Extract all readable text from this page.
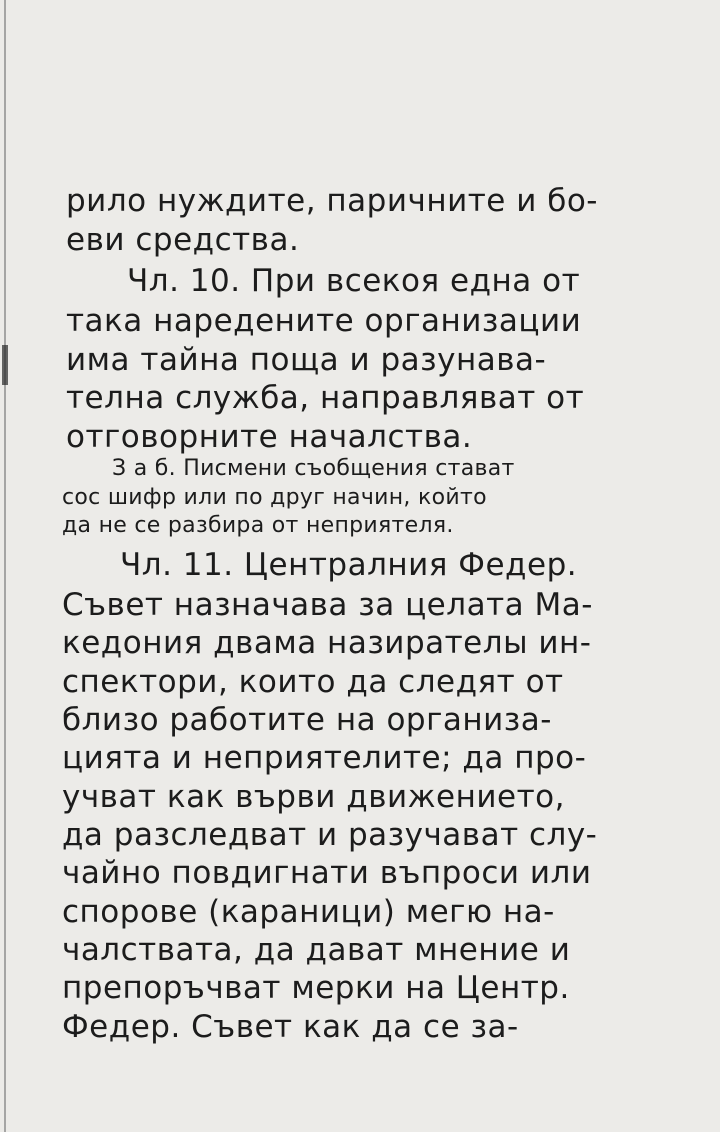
рило нуждите, паричните и бо-
еви средства.
Чл. 10. При всекоя една от
така наредените организации
има тайна поща и разунава-
телна служба, направляват от
отговорните началства.
З а б. Писмени съобщения стават
сос шифр или по друг начин, който
да не се разбира от неприятеля.
Чл. 11. Централния Федер.
Съвет назначава за целата Ма-
кедония двама назирателы ин-
спектори, които да следят от
близо работите на организа-
цията и неприятелите; да про-
учват как върви движението,
да разследват и разучават слу-
чайно повдигнати въпроси или
спорове (караници) мегю на-
чалствата, да дават мнение и
препоръчват мерки на Центр.
Федер. Съвет как да се за-
